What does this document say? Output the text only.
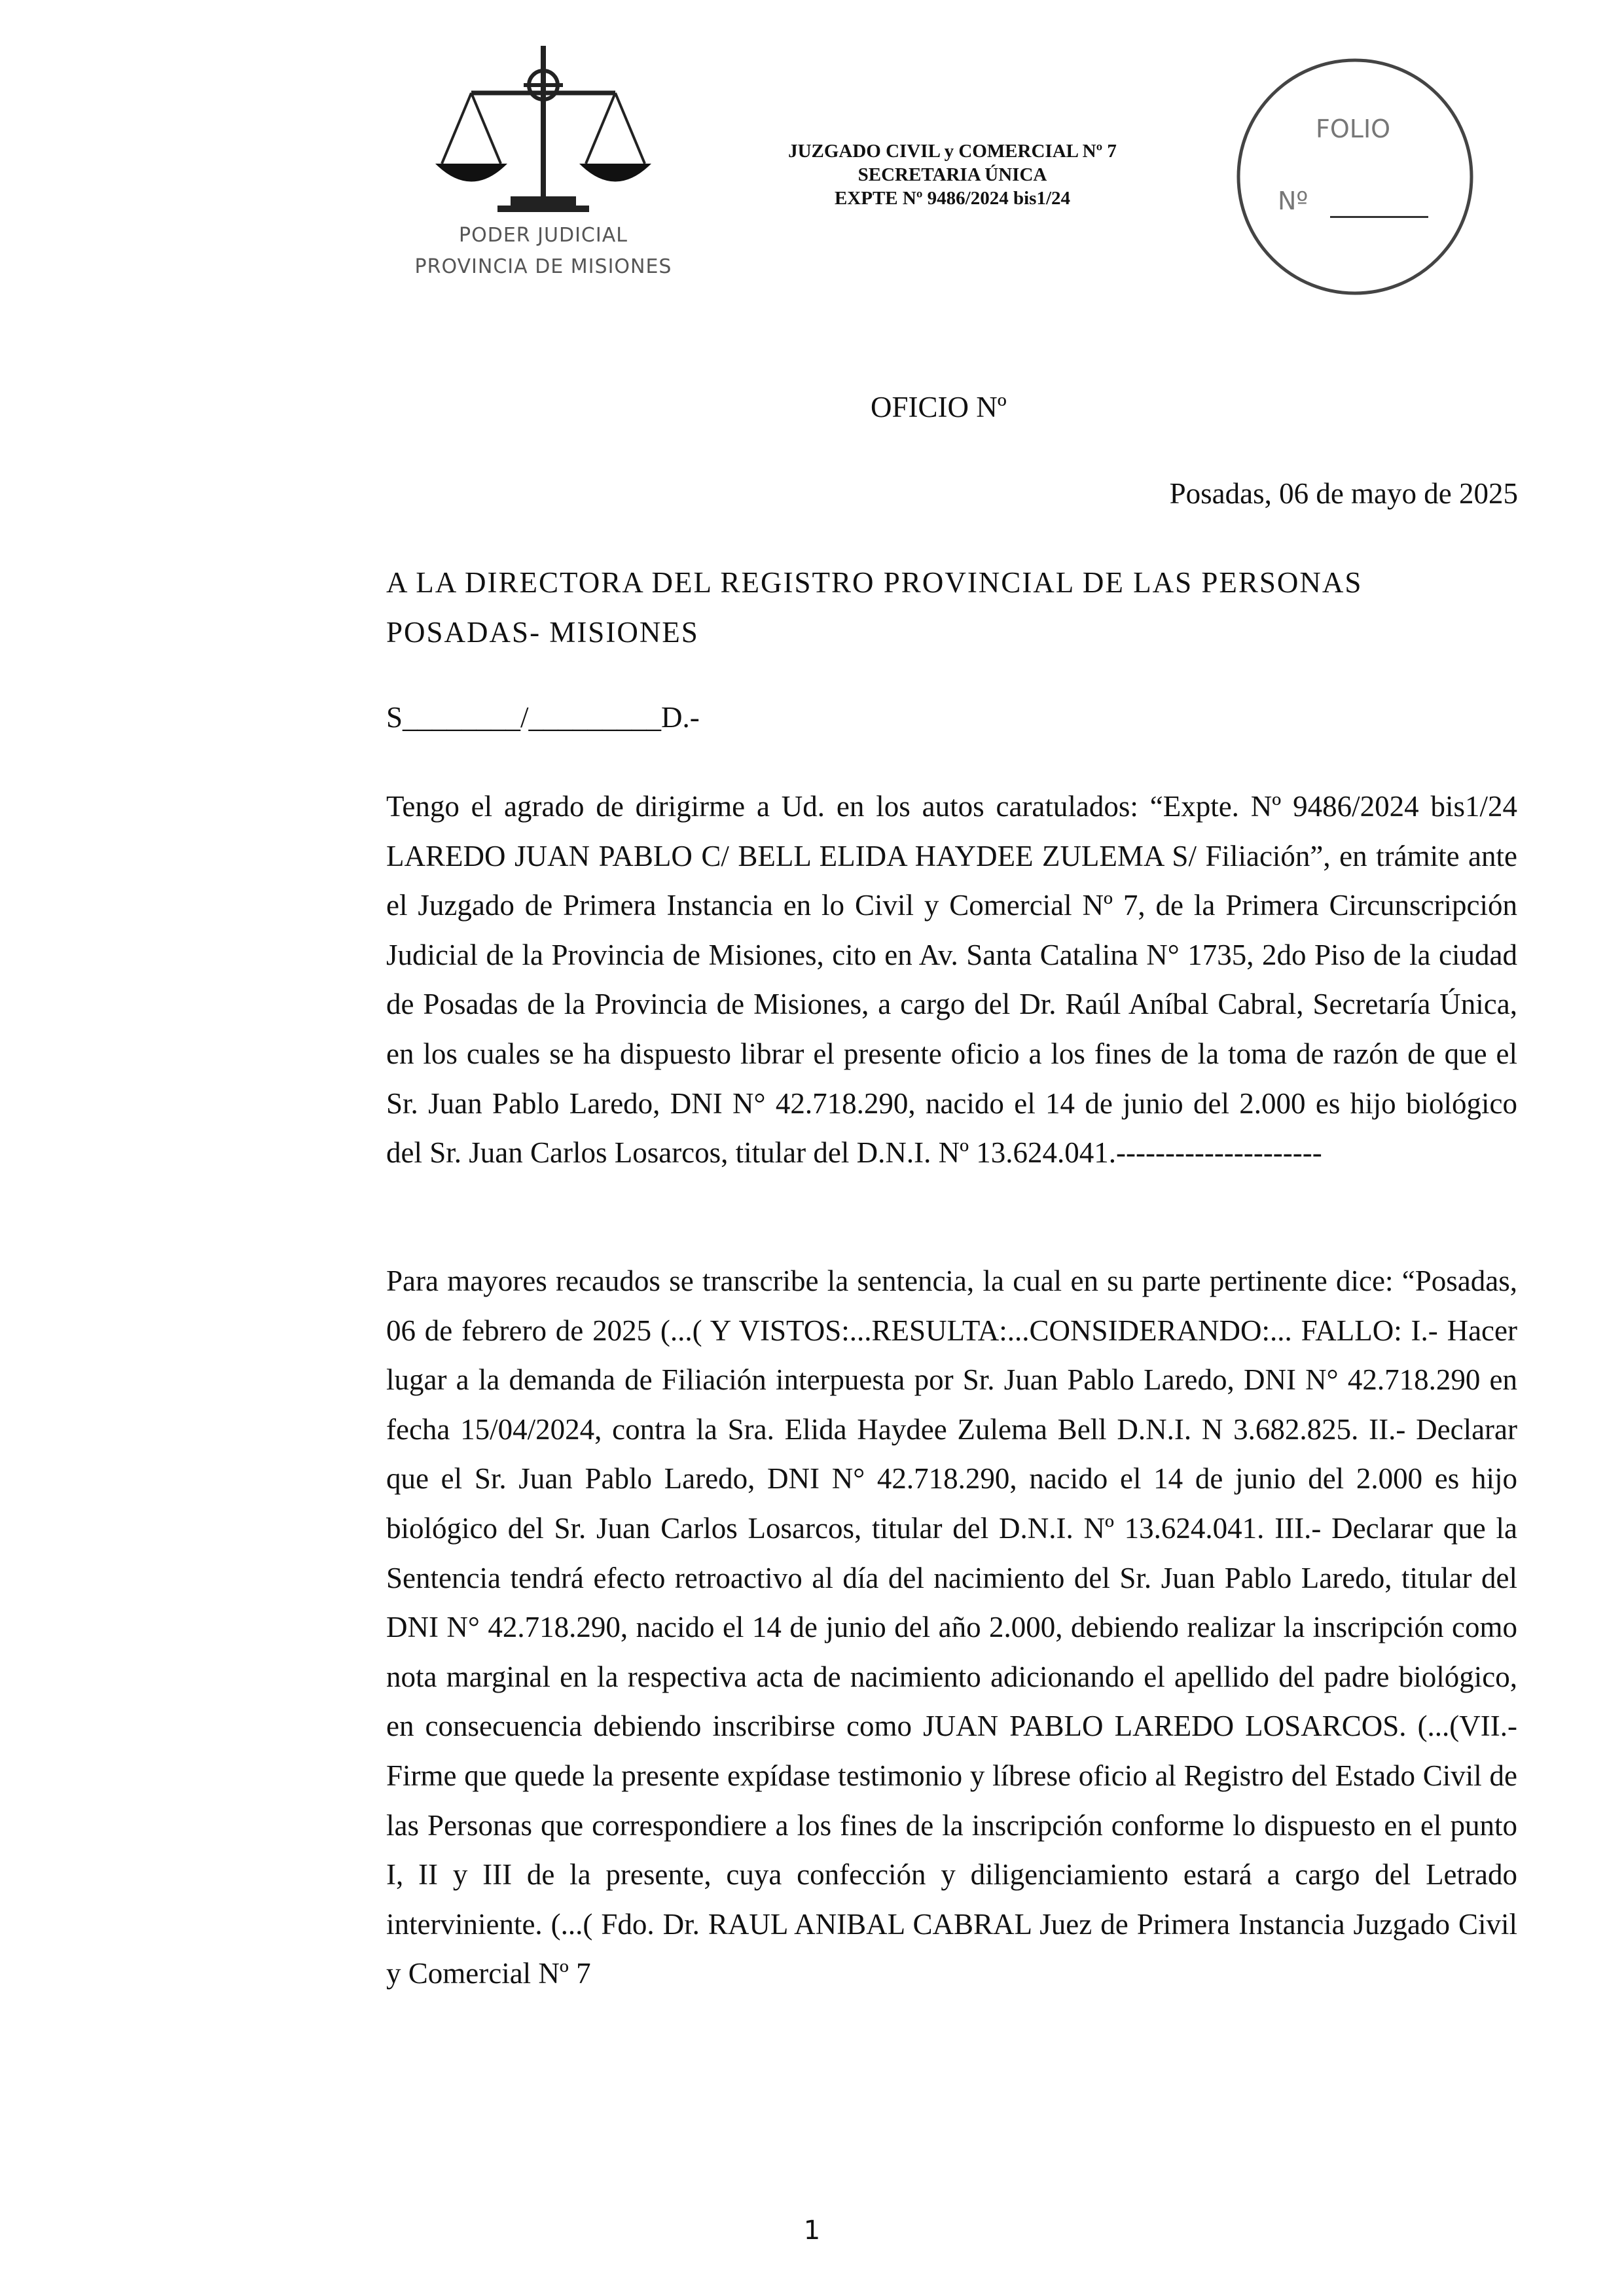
PODER JUDICIAL
PROVINCIA DE MISIONES
JUZGADO CIVIL y COMERCIAL Nº 7
SECRETARIA ÚNICA
EXPTE Nº 9486/2024 bis1/24
FOLIO
Nº
OFICIO Nº
Posadas, 06 de mayo de 2025
A LA DIRECTORA DEL REGISTRO PROVINCIAL DE LAS PERSONAS
POSADAS- MISIONES
S________/_________D.-
Tengo el agrado de dirigirme a Ud. en los autos caratulados: “Expte. Nº 9486/2024 bis1/24 LAREDO JUAN PABLO C/ BELL ELIDA HAYDEE ZULEMA S/ Filiación”, en trámite ante el Juzgado de Primera Instancia en lo Civil y Comercial Nº 7, de la Primera Circunscripción Judicial de la Provincia de Misiones, cito en Av. Santa Catalina N° 1735, 2do Piso de la ciudad de Posadas de la Provincia de Misiones, a cargo del Dr. Raúl Aníbal Cabral, Secretaría Única, en los cuales se ha dispuesto librar el presente oficio a los fines de la toma de razón de que el Sr. Juan Pablo Laredo, DNI N° 42.718.290, nacido el 14 de junio del 2.000 es hijo biológico del Sr. Juan Carlos Losarcos, titular del D.N.I. Nº 13.624.041.---------------------
Para mayores recaudos se transcribe la sentencia, la cual en su parte pertinente dice: “Posadas, 06 de febrero de 2025 (...( Y VISTOS:...RESULTA:...CONSIDERANDO:... FALLO: I.- Hacer lugar a la demanda de Filiación interpuesta por Sr. Juan Pablo Laredo, DNI N° 42.718.290 en fecha 15/04/2024, contra la Sra. Elida Haydee Zulema Bell D.N.I. N 3.682.825. II.- Declarar que el Sr. Juan Pablo Laredo, DNI N° 42.718.290, nacido el 14 de junio del 2.000 es hijo biológico del Sr. Juan Carlos Losarcos, titular del D.N.I. Nº 13.624.041. III.- Declarar que la Sentencia tendrá efecto retroactivo al día del nacimiento del Sr. Juan Pablo Laredo, titular del DNI N° 42.718.290, nacido el 14 de junio del año 2.000, debiendo realizar la inscripción como nota marginal en la respectiva acta de nacimiento adicionando el apellido del padre biológico, en consecuencia debiendo inscribirse como JUAN PABLO LAREDO LOSARCOS. (...(VII.- Firme que quede la presente expídase testimonio y líbrese oficio al Registro del Estado Civil de las Personas que correspondiere a los fines de la inscripción conforme lo dispuesto en el punto I, II y III de la presente, cuya confección y diligenciamiento estará a cargo del Letrado interviniente. (...( Fdo. Dr. RAUL ANIBAL CABRAL Juez de Primera Instancia Juzgado Civil y Comercial Nº 7
1
